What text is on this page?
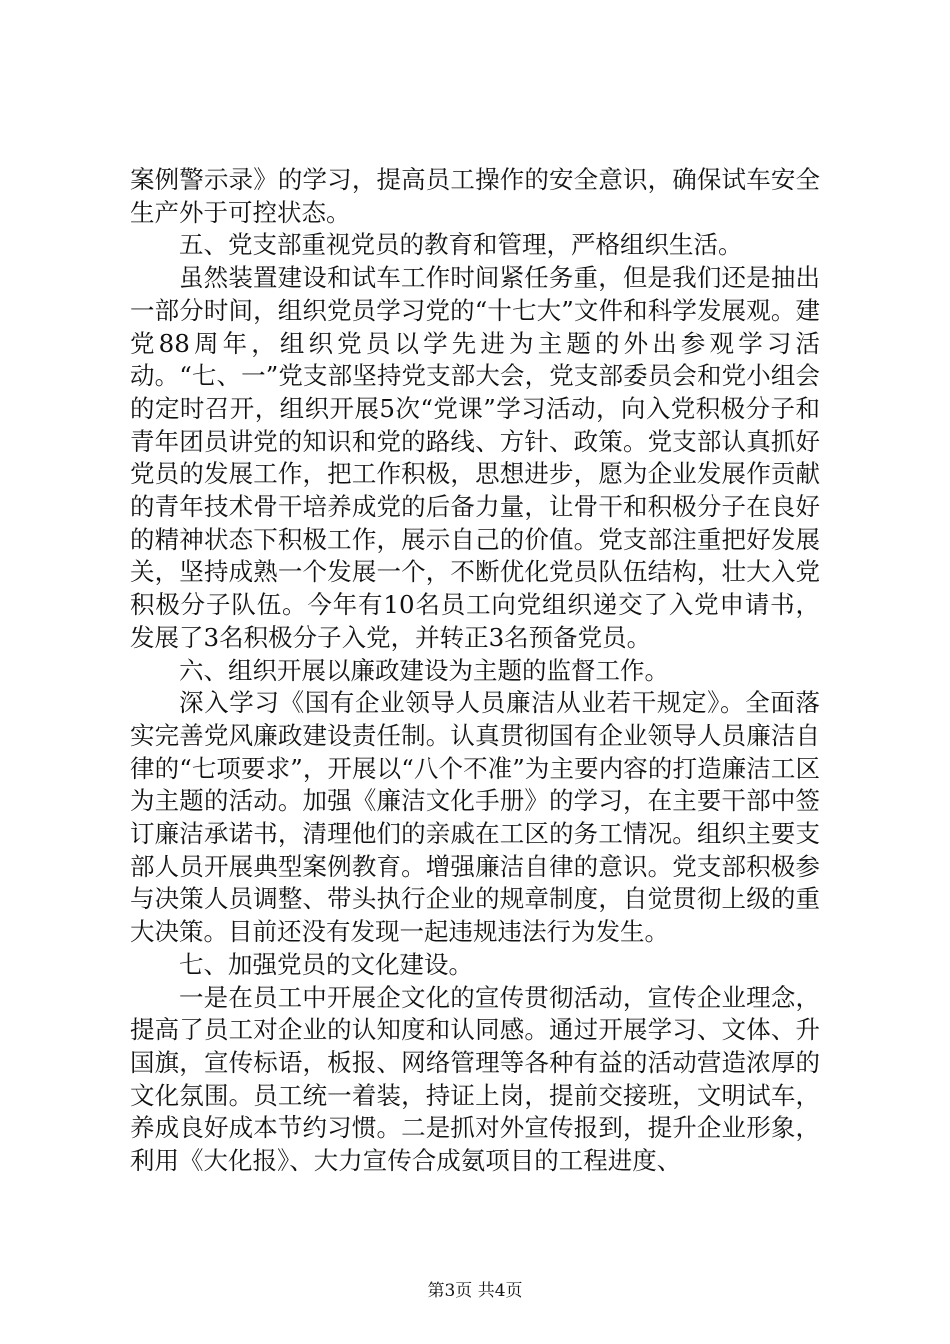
案例警示录》的学习，提高员工操作的安全意识，确保试车安全生产外于可控状态。

五、党支部重视党员的教育和管理，严格组织生活。

虽然装置建设和试车工作时间紧任务重，但是我们还是抽出一部分时间，组织党员学习党的“十七大”文件和科学发展观。建党88周年，组织党员以学先进为主题的外出参观学习活动。“七、一”党支部坚持党支部大会，党支部委员会和党小组会的定时召开，组织开展5次“党课”学习活动，向入党积极分子和青年团员讲党的知识和党的路线、方针、政策。党支部认真抓好党员的发展工作，把工作积极，思想进步，愿为企业发展作贡献的青年技术骨干培养成党的后备力量，让骨干和积极分子在良好的精神状态下积极工作，展示自己的价值。党支部注重把好发展关，坚持成熟一个发展一个，不断优化党员队伍结构，壮大入党积极分子队伍。今年有10名员工向党组织递交了入党申请书，发展了3名积极分子入党，并转正3名预备党员。

六、组织开展以廉政建设为主题的监督工作。

深入学习《国有企业领导人员廉洁从业若干规定》。全面落实完善党风廉政建设责任制。认真贯彻国有企业领导人员廉洁自律的“七项要求”，开展以“八个不准”为主要内容的打造廉洁工区为主题的活动。加强《廉洁文化手册》的学习，在主要干部中签订廉洁承诺书，清理他们的亲戚在工区的务工情况。组织主要支部人员开展典型案例教育。增强廉洁自律的意识。党支部积极参与决策人员调整、带头执行企业的规章制度，自觉贯彻上级的重大决策。目前还没有发现一起违规违法行为发生。

七、加强党员的文化建设。

一是在员工中开展企文化的宣传贯彻活动，宣传企业理念，提高了员工对企业的认知度和认同感。通过开展学习、文体、升国旗，宣传标语，板报、网络管理等各种有益的活动营造浓厚的文化氛围。员工统一着装，持证上岗，提前交接班，文明试车，养成良好成本节约习惯。二是抓对外宣传报到，提升企业形象，利用《大化报》、大力宣传合成氨项目的工程进度、

第3页 共4页
